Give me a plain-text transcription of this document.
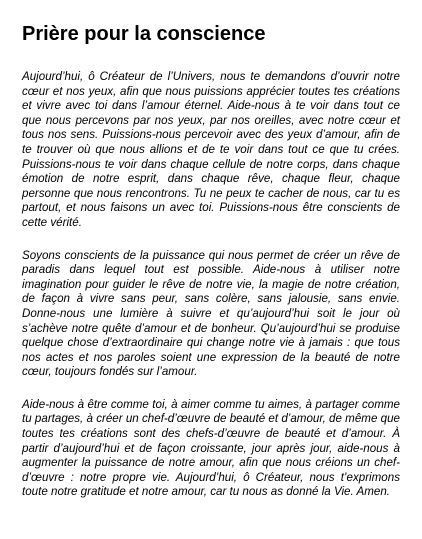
Prière pour la conscience

Aujourd’hui, ô Créateur de l’Univers, nous te demandons d’ouvrir notre cœur et nos yeux, afin que nous puissions apprécier toutes tes créations et vivre avec toi dans l’amour éternel. Aide-nous à te voir dans tout ce que nous percevons par nos yeux, par nos oreilles, avec notre cœur et tous nos sens. Puissions-nous percevoir avec des yeux d’amour, afin de te trouver où que nous allions et de te voir dans tout ce que tu crées. Puissions-nous te voir dans chaque cellule de notre corps, dans chaque émotion de notre esprit, dans chaque rêve, chaque fleur, chaque personne que nous rencontrons. Tu ne peux te cacher de nous, car tu es partout, et nous faisons un avec toi. Puissions-nous être conscients de cette vérité.

Soyons conscients de la puissance qui nous permet de créer un rêve de paradis dans lequel tout est possible. Aide-nous à utiliser notre imagination pour guider le rêve de notre vie, la magie de notre création, de façon à vivre sans peur, sans colère, sans jalousie, sans envie. Donne-nous une lumière à suivre et qu’aujourd’hui soit le jour où s’achève notre quête d’amour et de bonheur. Qu’aujourd’hui se produise quelque chose d’extraordinaire qui change notre vie à jamais : que tous nos actes et nos paroles soient une expression de la beauté de notre cœur, toujours fondés sur l’amour.

Aide-nous à être comme toi, à aimer comme tu aimes, à partager comme tu partages, à créer un chef-d’œuvre de beauté et d’amour, de même que toutes tes créations sont des chefs-d’œuvre de beauté et d’amour. À partir d’aujourd’hui et de façon croissante, jour après jour, aide-nous à augmenter la puissance de notre amour, afin que nous créions un chef-d’œuvre : notre propre vie. Aujourd’hui, ô Créateur, nous t’exprimons toute notre gratitude et notre amour, car tu nous as donné la Vie. Amen.
